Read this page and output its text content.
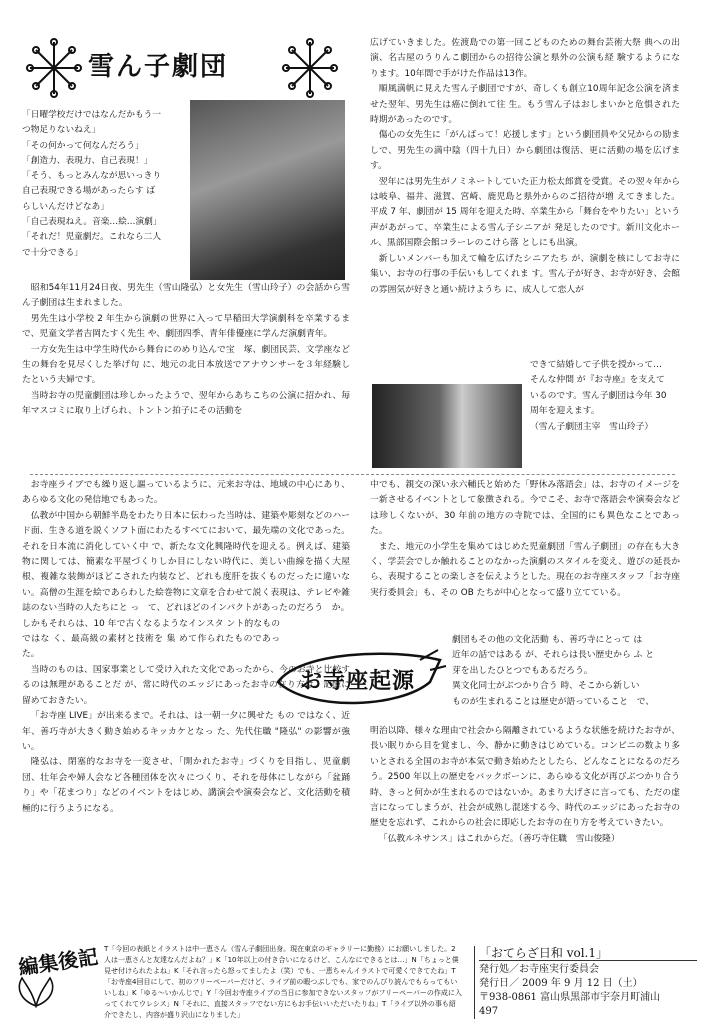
雪ん子劇団

「日曜学校だけではなんだかもう一

つ物足りないねえ」

「その何かって何なんだろう」

「創造力、表現力、自己表現！」

「そう、もっとみんなが思いっきり

自己表現できる場があったらす ば

らしいんだけどなあ」

「自己表現ねえ。音楽…絵…演劇」

「それだ！児童劇だ。これなら二人

で十分できる」

昭和54年11月24日夜、男先生（雪山隆弘）と女先生（雪山玲子）の会話から雪ん子劇団は生まれました。

男先生は小学校 2 年生から演劇の世界に入って早稲田大学演劇科を卒業するまで、児童文学者吉岡たすく先生 や、劇団四季、青年俳優座に学んだ演劇青年。

一方女先生は中学生時代から舞台にのめり込んで宝　塚、劇団民芸、文学座など生の舞台を見尽くした挙げ句 に、地元の北日本放送でアナウンサーを３年経験したという夫婦です。

当時お寺の児童劇団は珍しかったようで、翌年からあちこちの公演に招かれ、毎年マスコミに取り上げられ、トントン拍子にその活動を

広げていきました。佐渡島での第一回こどものための舞台芸術大祭 典への出演、名古屋のうりんこ劇団からの招待公演と県外の公演も経 験するようになります。10年間で手がけた作品は13作。

順風満帆に見えた雪ん子劇団ですが、奇しくも創立10周年記念公演を済ませた翌年、男先生は癌に倒れて往 生。もう雪ん子はおしまいかと危惧された時期があったのです。

傷心の女先生に「がんばって！応援します」という劇団員や父兄からの励ましで、男先生の満中陰（四十九日）から劇団は復活、更に活動の場を広げます。

翌年には男先生がノミネートしていた正力松太郎賞を受賞。その翌々年からは岐阜、福井、滋賀、宮崎、鹿児島と県外からのご招待が増 えてきました。平成 7 年、劇団が 15 周年を迎えた時、卒業生から「舞台をやりたい」という声があがって、卒業生による雪ん子シニアが 発足したのです。新川文化ホール、黒部国際会館コラーレのこけら落 としにも出演。

新しいメンバーも加えて輪を広げたシニアたち が、演劇を核にしてお寺に集い、お寺の行事の手伝いもしてくれま す。雪ん子が好き、お寺が好き、会館の雰囲気が好きと通い続けようち に、成人して恋人が

できて結婚して子供を授かって…

そんな仲間 が『お寺座』を支えて

いるのです。雪ん子劇団は今年 30

周年を迎えます。

（雪ん子劇団主宰　雪山玲子）

お寺座ライブでも繰り返し謳っているように、元来お寺は、地域の中心にあり、あらゆる文化の発信地でもあった。

仏教が中国から朝鮮半島をわたり日本に伝わった当時は、建築や彫刻などのハード面、生きる道を説くソフト面にわたるすべてにおいて、最先端の文化であった。それを日本流に消化していく中 で、新たな文化興隆時代を迎える。例えば、建築物に関しては、簡素な平屋づくりしか目にしない時代に、美しい曲線を描く大屋根、複雑な装飾がほどこされた内装など、どれも度肝を抜くものだったに違いない。高僧の生涯を絵であらわした絵巻物に文章を合わせて説く表現は、テレビや雑誌のない当時の人たちにと っ　て、どれほどのインパクトがあったのだろう　か。

しかもそれらは、10 年で古くなるようなインスタ ント的なものではな く、最高級の素材と技術を 集 めて作られたものであった。

当時のものは、国家事業として受け入れた文化であったから、今のお寺と比較するのは無理があることだ が、常に時代のエッジにあったお寺の在り方は、記憶に留めておきたい。

「お寺座 LIVE」が出来るまで。それは、は一朝一夕に興せた もの ではなく、近年、善巧寺が大きく動き始めるキッカケとなっ た、先代住職 "隆弘" の影響が強い。

隆弘は、閉塞的なお寺を一変させ、「開かれたお寺」づくりを目指し、児童劇団、壮年会や婦人会など各種団体を次々につくり、それを母体にしながら「盆踊り」や「花まつり」などのイベントをはじめ、講演会や演奏会など、文化活動を積極的に行うようになる。

お寺座起源

中でも、親交の深い永六輔氏と始めた「野休み落語会」は、お寺のイメージを一新させるイベントとして象徴される。今でこそ、お寺で落語会や演奏会などは珍しくないが、30 年前の地方の寺院では、全国的にも異色なことであった。

また、地元の小学生を集めてはじめた児童劇団「雪ん子劇団」の存在も大きく、学芸会でしか触れることのなかった演劇のスタイルを変え、遊びの延長から、表現することの楽しさを伝えようとした。現在のお寺座スタッフ「お寺座実行委員会」も、その OB たちが中心となって盛り立てている。

劇団もその他の文化活動 も、善巧寺にとって は

近年の話ではある が、それらは長い歴史から ふ と

芽を出したひとつでもあるだろう。

異文化同士がぶつかり合う 時、そこから新しい

ものが生まれることは歴史が語っていること　で、

明治以降、様々な理由で社会から隔離されているような状態を続けたお寺が、長い眠りから目を覚まし、今、静かに動きはじめている。コンビニの数より多いとされる全国のお寺が本気で動き始めたとしたら、どんなことになるのだろう。2500 年以上の歴史をバックボーンに、あらゆる文化が再びぶつかり合う時、きっと何かが生まれるのではないか。あまり大げさに言っても、ただの虚言になってしまうが、社会が成熟し混迷する今、時代のエッジにあったお寺の歴史を忘れず、これからの社会に即応したお寺の在り方を考えていきたい。

「仏教ルネサンス」はこれからだ。（善巧寺住職　雪山俊隆）

編集後記 T「今回の表紙とイラストは中一恵さん（雪ん子劇団出身。現在東京のギャラリーに勤務）にお願いしました。2人は一恵さんと友達なんだよね？」K「10年以上の付き合いになるけど、こんなにできるとは…」N「ちょっと僕見せ付けられたよね」K「それ言ったら怒ってましたよ（笑）でも、一恵ちゃんイラストで可愛くできてたね」T「お寺座4回目にして、初のフリーペーパーだけど、ライブ前の暇つぶしでも、家でのんびり読んでもらってもいいしね」K「ゆる〜いかんじで」Y「今回お寺座ライブの当日に参加できないスタッフがフリーペーパーの作成に入ってくれてウレシス」N「それに、直接スタッフでない方にもお手伝いいただいたりね」T「ライブ以外の事も紹介できたし、内容が盛り沢山になりました」
「おてらざ日和 vol.1」
発行処／お寺座実行委員会
発行日／ 2009 年 9 月 12 日（土）
〒938-0861 富山県黒部市宇奈月町浦山
497
